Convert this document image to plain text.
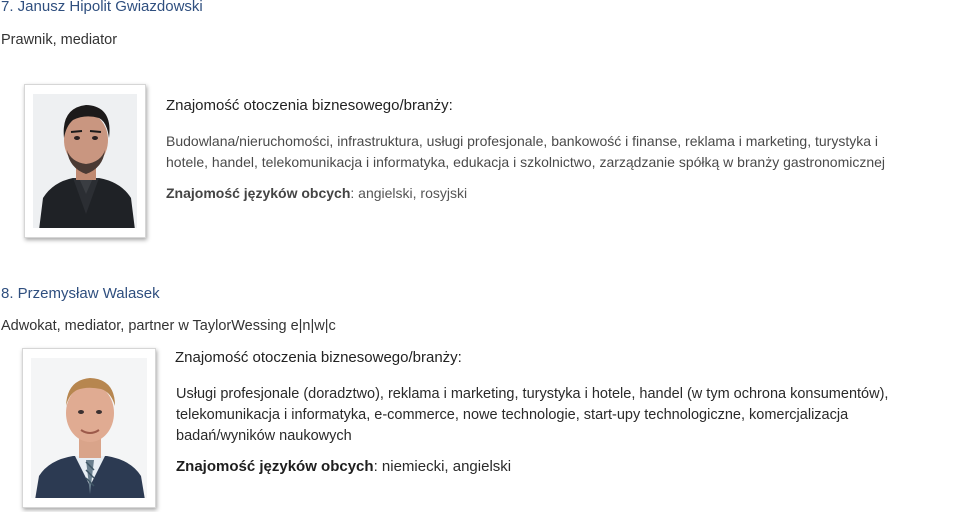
7. Janusz Hipolit Gwiazdowski
Prawnik, mediator
Znajomość otoczenia biznesowego/branży:
Budowlana/nieruchomości, infrastruktura, usługi profesjonale, bankowość i finanse, reklama i marketing, turystyka i
hotele, handel, telekomunikacja i informatyka, edukacja i szkolnictwo, zarządzanie spółką w branży gastronomicznej
Znajomość języków obcych: angielski, rosyjski
8. Przemysław Walasek
Adwokat, mediator, partner w TaylorWessing e|n|w|c
Znajomość otoczenia biznesowego/branży:
Usługi profesjonale (doradztwo), reklama i marketing, turystyka i hotele, handel (w tym ochrona konsumentów),
telekomunikacja i informatyka, e-commerce, nowe technologie, start-upy technologiczne, komercjalizacja
badań/wyników naukowych
Znajomość języków obcych: niemiecki, angielski
